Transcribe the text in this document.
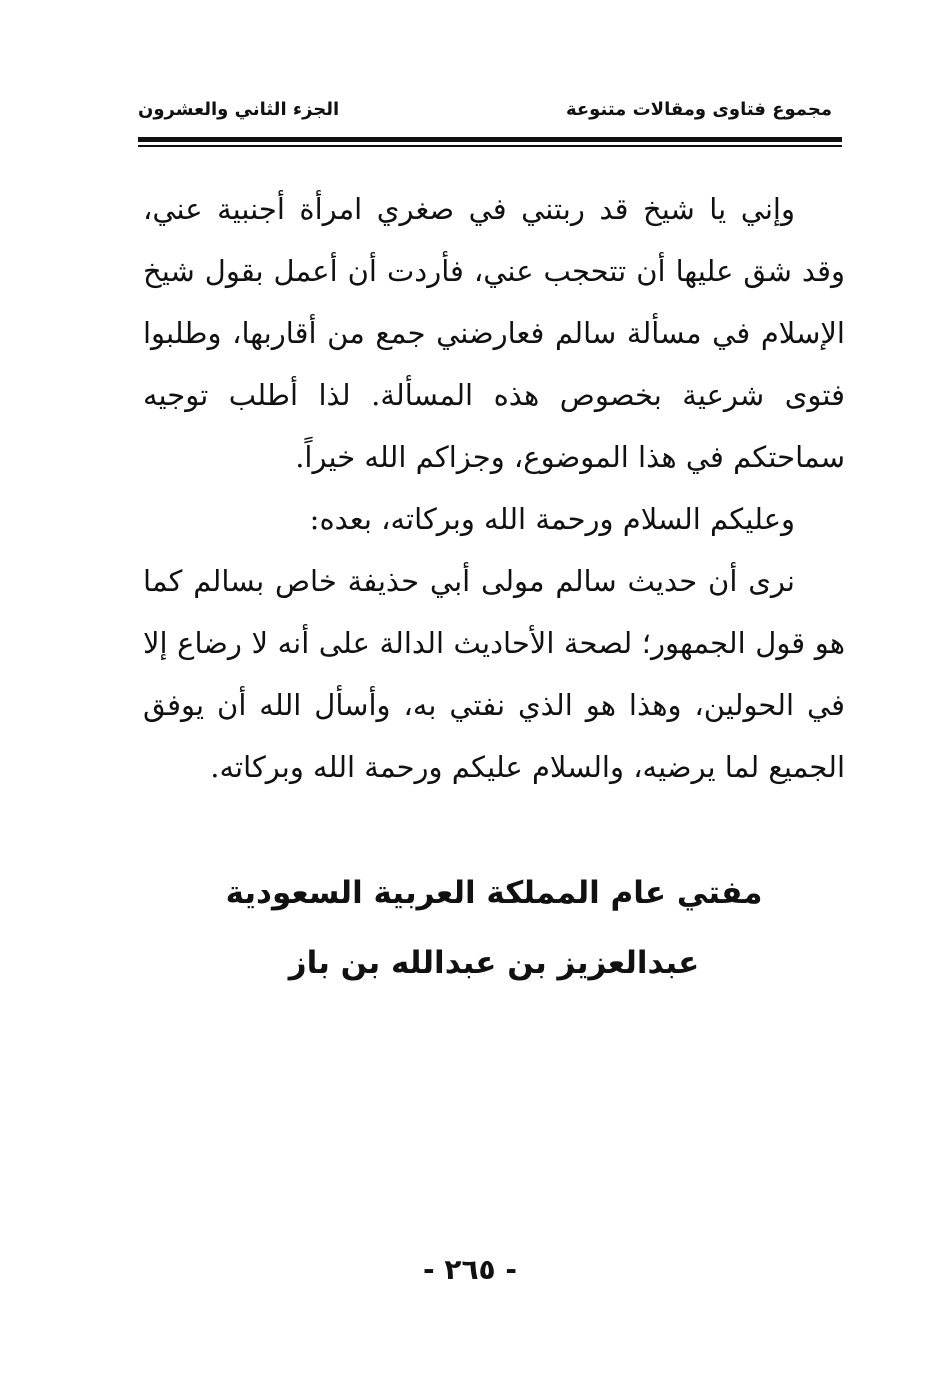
مجموع فتاوى ومقالات متنوعة
الجزء الثاني والعشرون

وإني يا شيخ قد ربتني في صغري امرأة أجنبية عني، وقد شق عليها أن تتحجب عني، فأردت أن أعمل بقول شيخ الإسلام في مسألة سالم فعارضني جمع من أقاربها، وطلبوا فتوى شرعية بخصوص هذه المسألة. لذا أطلب توجيه سماحتكم في هذا الموضوع، وجزاكم الله خيراً.

وعليكم السلام ورحمة الله وبركاته، بعده:

نرى أن حديث سالم مولى أبي حذيفة خاص بسالم كما هو قول الجمهور؛ لصحة الأحاديث الدالة على أنه لا رضاع إلا في الحولين، وهذا هو الذي نفتي به، وأسأل الله أن يوفق الجميع لما يرضيه، والسلام عليكم ورحمة الله وبركاته.

مفتي عام المملكة العربية السعودية
عبدالعزيز بن عبدالله بن باز
- ٢٦٥ -
